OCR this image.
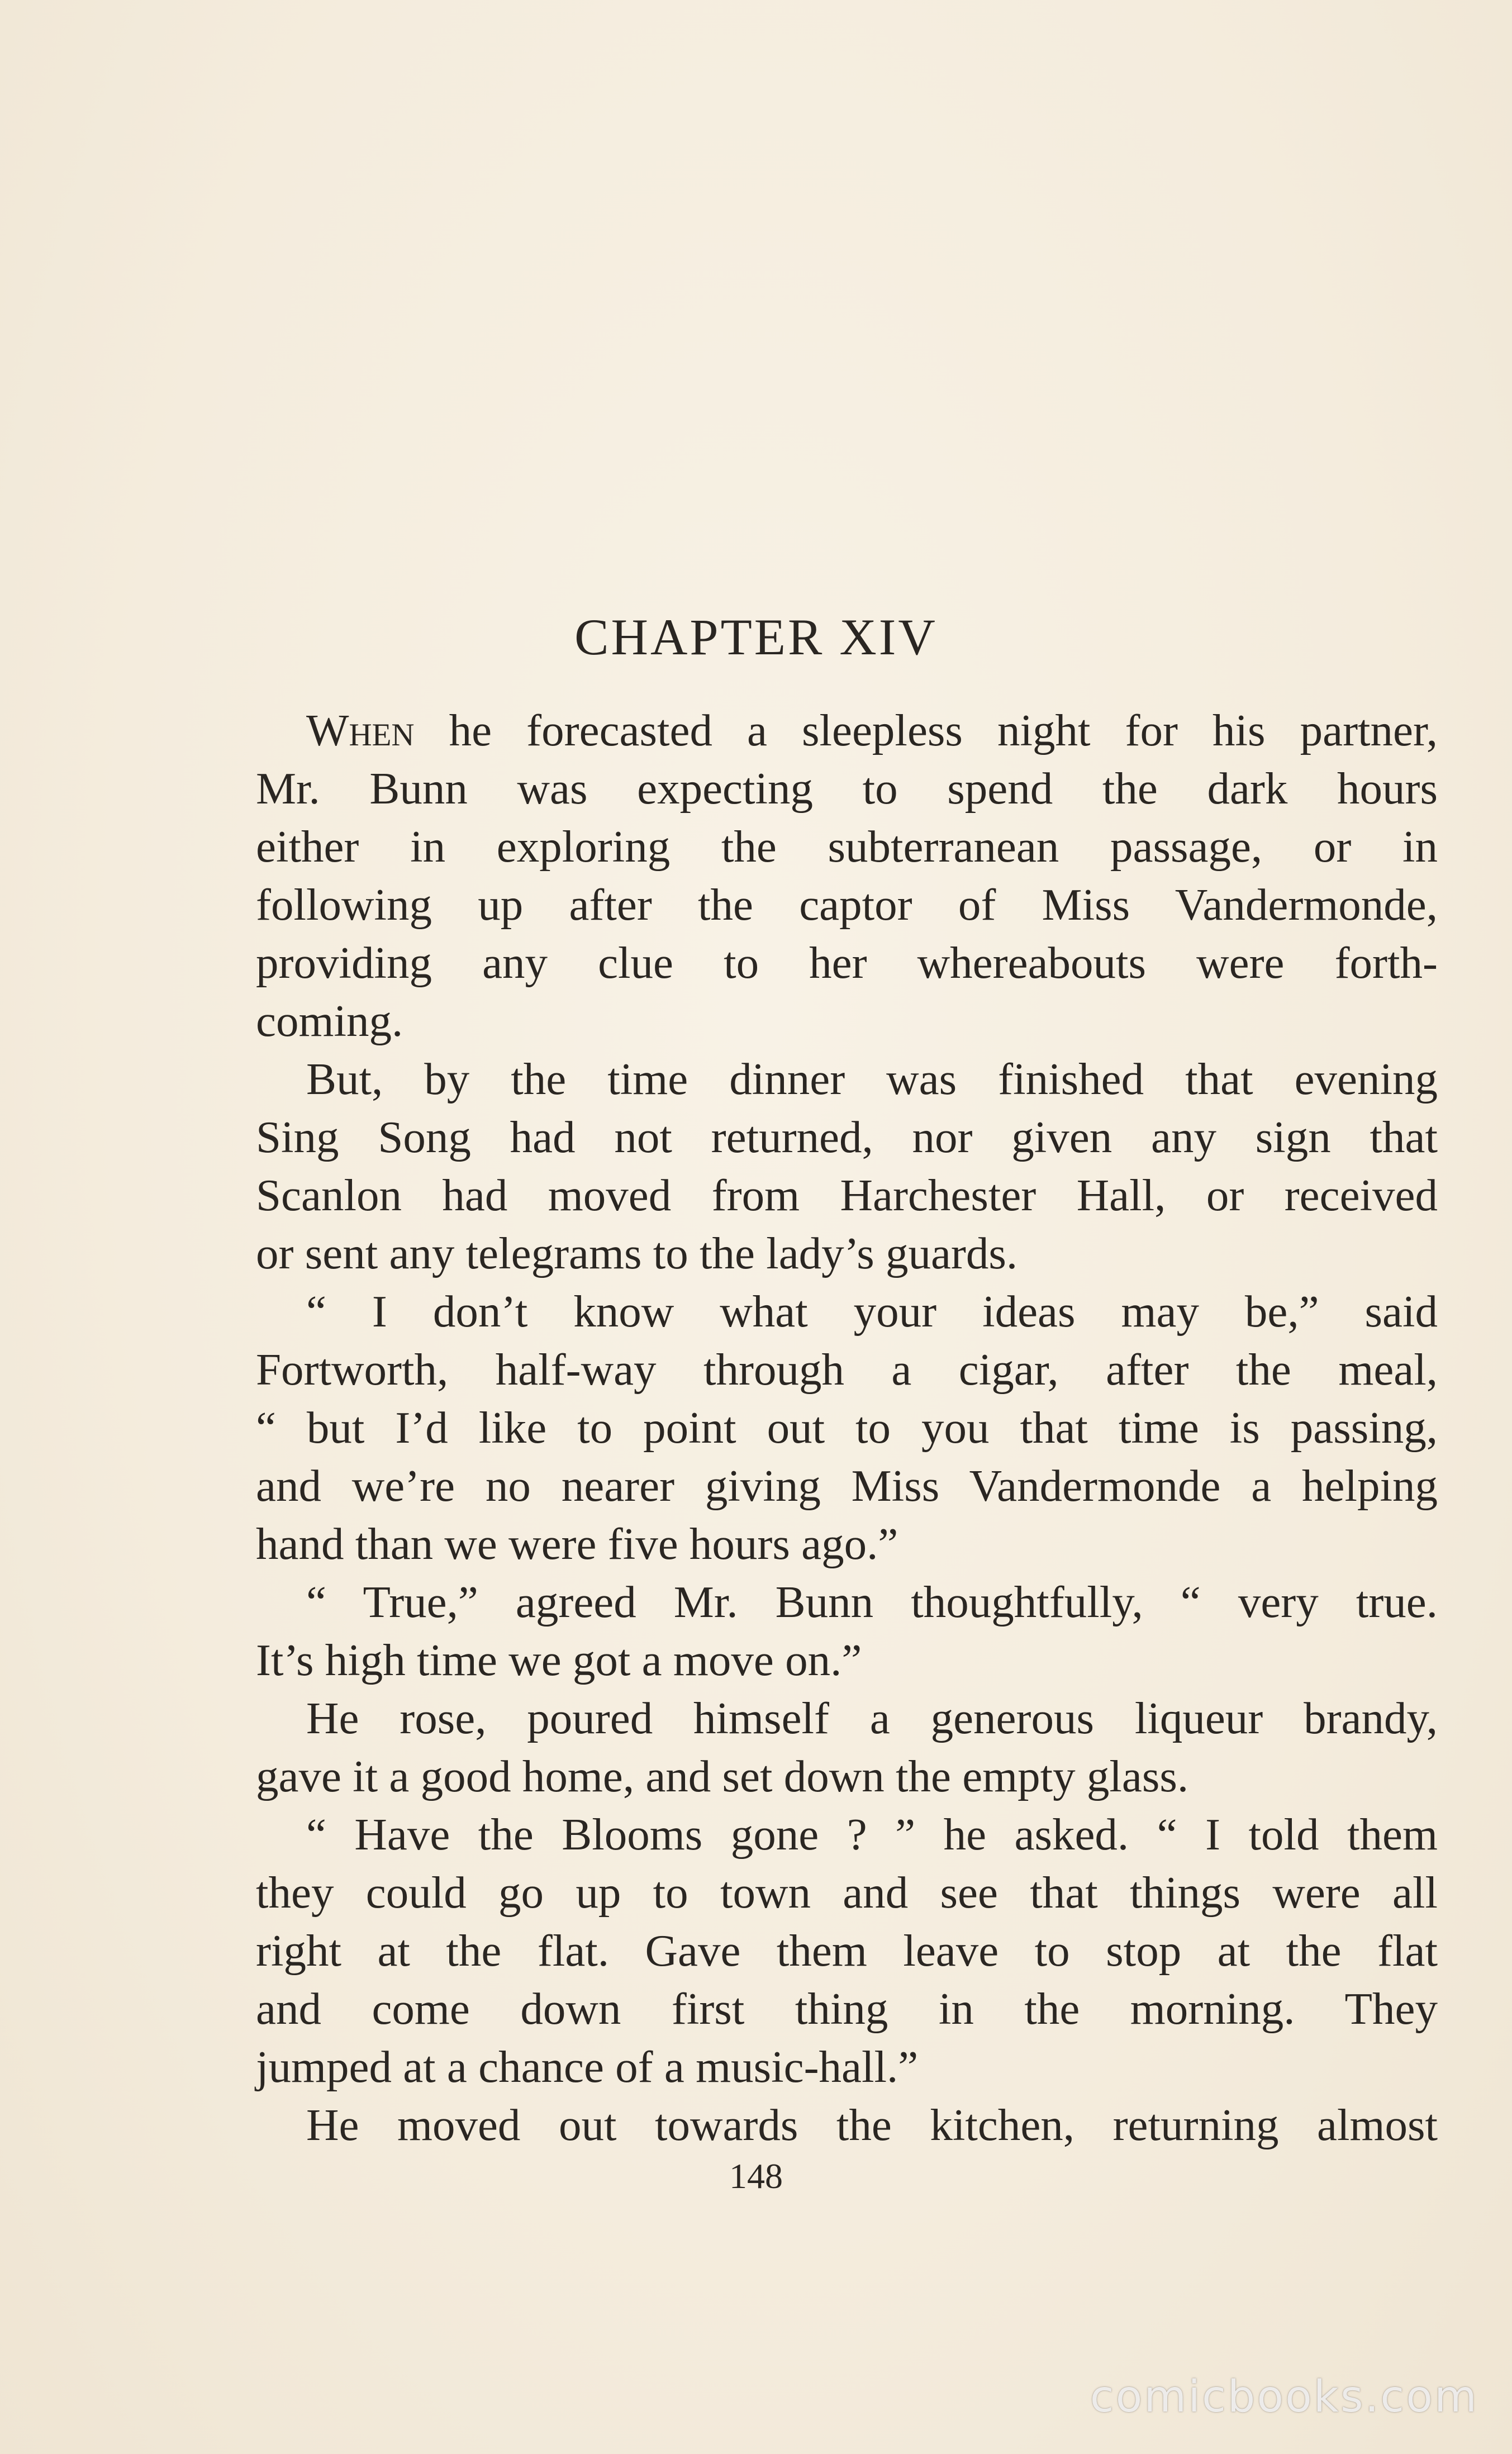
CHAPTER XIV
When he forecasted a sleepless night for his partner,
Mr. Bunn was expecting to spend the dark hours
either in exploring the subterranean passage, or in
following up after the captor of Miss Vandermonde,
providing any clue to her whereabouts were forth-
coming.
But, by the time dinner was finished that evening
Sing Song had not returned, nor given any sign that
Scanlon had moved from Harchester Hall, or received
or sent any telegrams to the lady’s guards.
“ I don’t know what your ideas may be,” said
Fortworth, half-way through a cigar, after the meal,
“ but I’d like to point out to you that time is passing,
and we’re no nearer giving Miss Vandermonde a helping
hand than we were five hours ago.”
“ True,” agreed Mr. Bunn thoughtfully, “ very true.
It’s high time we got a move on.”
He rose, poured himself a generous liqueur brandy,
gave it a good home, and set down the empty glass.
“ Have the Blooms gone ? ” he asked. “ I told them
they could go up to town and see that things were all
right at the flat. Gave them leave to stop at the flat
and come down first thing in the morning. They
jumped at a chance of a music-hall.”
He moved out towards the kitchen, returning almost
148
comicbooks.com
